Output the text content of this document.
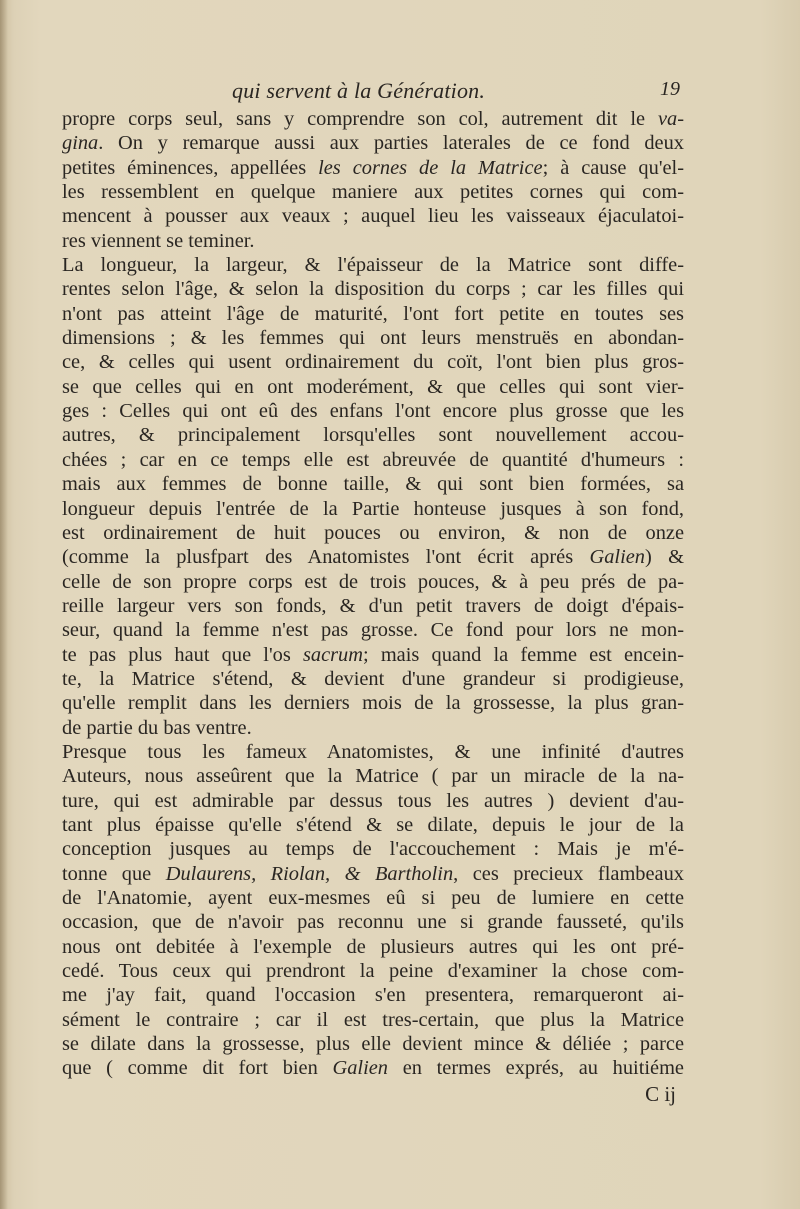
qui servent à la Génération.	19
propre corps seul, sans y comprendre son col, autrement dit le va-
gina. On y remarque aussi aux parties laterales de ce fond deux
petites éminences, appellées les cornes de la Matrice; à cause qu'el-
les ressemblent en quelque maniere aux petites cornes qui com-
mencent à pousser aux veaux ; auquel lieu les vaisseaux éjaculatoi-
res viennent se teminer.
La longueur, la largeur, & l'épaisseur de la Matrice sont diffe-
rentes selon l'âge, & selon la disposition du corps ; car les filles qui
n'ont pas atteint l'âge de maturité, l'ont fort petite en toutes ses
dimensions ; & les femmes qui ont leurs menstruës en abondan-
ce, & celles qui usent ordinairement du coït, l'ont bien plus gros-
se que celles qui en ont moderément, & que celles qui sont vier-
ges : Celles qui ont eû des enfans l'ont encore plus grosse que les
autres, & principalement lorsqu'elles sont nouvellement accou-
chées ; car en ce temps elle est abreuvée de quantité d'humeurs :
mais aux femmes de bonne taille, & qui sont bien formées, sa
longueur depuis l'entrée de la Partie honteuse jusques à son fond,
est ordinairement de huit pouces ou environ, & non de onze
(comme la plusfpart des Anatomistes l'ont écrit aprés Galien) &
celle de son propre corps est de trois pouces, & à peu prés de pa-
reille largeur vers son fonds, & d'un petit travers de doigt d'épais-
seur, quand la femme n'est pas grosse. Ce fond pour lors ne mon-
te pas plus haut que l'os sacrum; mais quand la femme est encein-
te, la Matrice s'étend, & devient d'une grandeur si prodigieuse,
qu'elle remplit dans les derniers mois de la grossesse, la plus gran-
de partie du bas ventre.
Presque tous les fameux Anatomistes, & une infinité d'autres
Auteurs, nous asseûrent que la Matrice ( par un miracle de la na-
ture, qui est admirable par dessus tous les autres ) devient d'au-
tant plus épaisse qu'elle s'étend & se dilate, depuis le jour de la
conception jusques au temps de l'accouchement : Mais je m'é-
tonne que Dulaurens, Riolan, & Bartholin, ces precieux flambeaux
de l'Anatomie, ayent eux-mesmes eû si peu de lumiere en cette
occasion, que de n'avoir pas reconnu une si grande fausseté, qu'ils
nous ont debitée à l'exemple de plusieurs autres qui les ont pré-
cedé. Tous ceux qui prendront la peine d'examiner la chose com-
me j'ay fait, quand l'occasion s'en presentera, remarqueront ai-
sément le contraire ; car il est tres-certain, que plus la Matrice
se dilate dans la grossesse, plus elle devient mince & déliée ; parce
que ( comme dit fort bien Galien en termes exprés, au huitiéme
C ij
